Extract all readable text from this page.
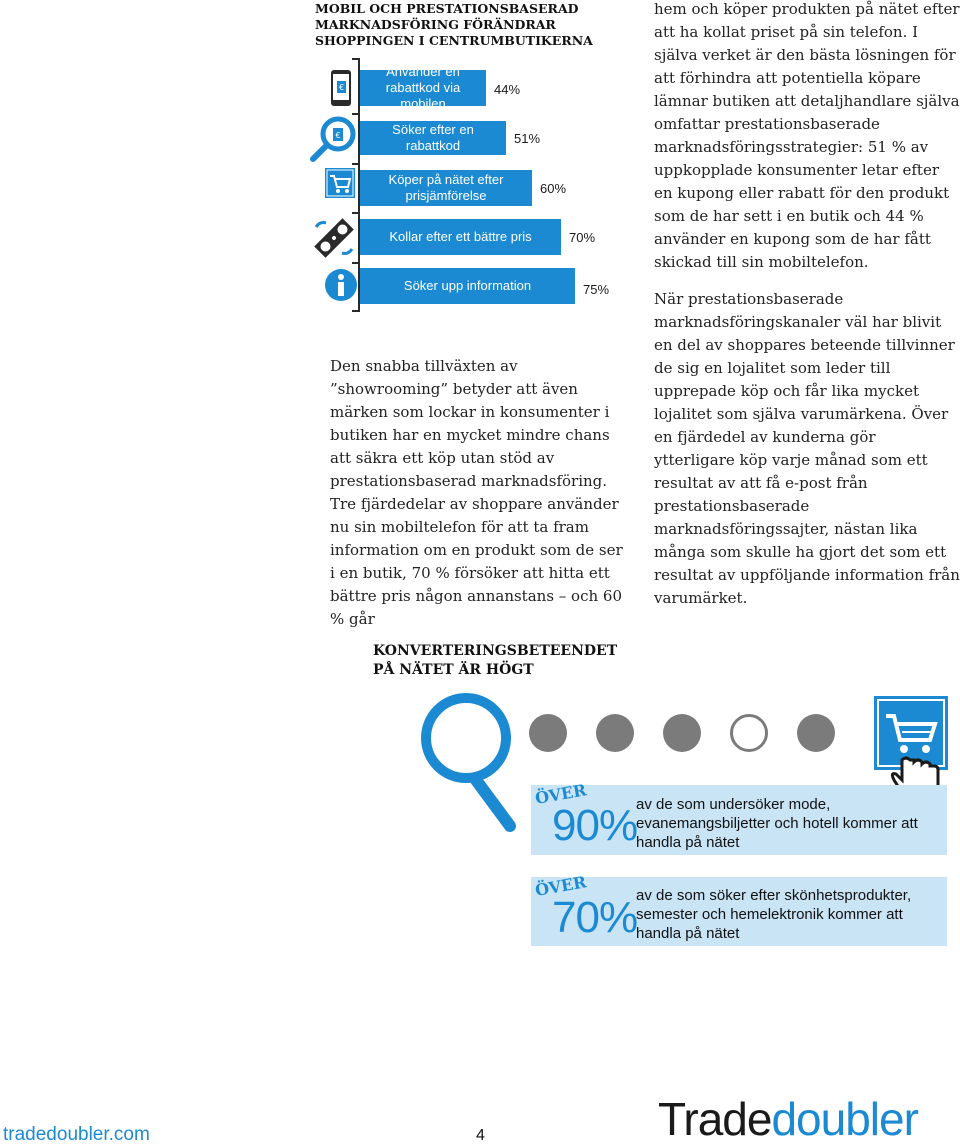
MOBIL OCH PRESTATIONSBASERAD
MARKNADSFÖRING FÖRÄNDRAR
SHOPPINGEN I CENTRUMBUTIKERNA
Använder en
rabattkod via mobilen
44%
Söker efter en rabattkod	51%
Köper på nätet efter
prisjämförelse	60%
Kollar efter ett bättre pris	70%
Söker upp information	75%
€
€

Den snabba tillväxten av ”showrooming” betyder att även märken som lockar in konsumenter i butiken har en mycket mindre chans att säkra ett köp utan stöd av prestationsbaserad marknadsföring. Tre fjärdedelar av shoppare använder nu sin mobiltelefon för att ta fram information om en produkt som de ser i en butik, 70 % försöker att hitta ett bättre pris någon annanstans – och 60 % går

hem och köper produkten på nätet efter att ha kollat priset på sin telefon. I själva verket är den bästa lösningen för att förhindra att potentiella köpare lämnar butiken att detaljhandlare själva omfattar prestationsbaserade marknadsföringsstrategier: 51 % av uppkopplade konsumenter letar efter en kupong eller rabatt för den produkt som de har sett i en butik och 44 % använder en kupong som de har fått skickad till sin mobiltelefon.

När prestationsbaserade marknadsföringskanaler väl har blivit en del av shoppares beteende tillvinner de sig en lojalitet som leder till upprepade köp och får lika mycket lojalitet som själva varumärkena. Över en fjärdedel av kunderna gör ytterligare köp varje månad som ett resultat av att få e-post från prestationsbaserade marknadsföringssajter, nästan lika många som skulle ha gjort det som ett resultat av uppföljande information från varumärket.

KONVERTERINGSBETEENDET
PÅ NÄTET ÄR HÖGT
ÖVER
90%
av de som undersöker mode, evanemangsbiljetter och hotell kommer att handla på nätet
ÖVER
70%
av de som söker efter skönhetsprodukter, semester och hemelektronik kommer att handla på nätet
tradedoubler.com	4	Tradedoubler
